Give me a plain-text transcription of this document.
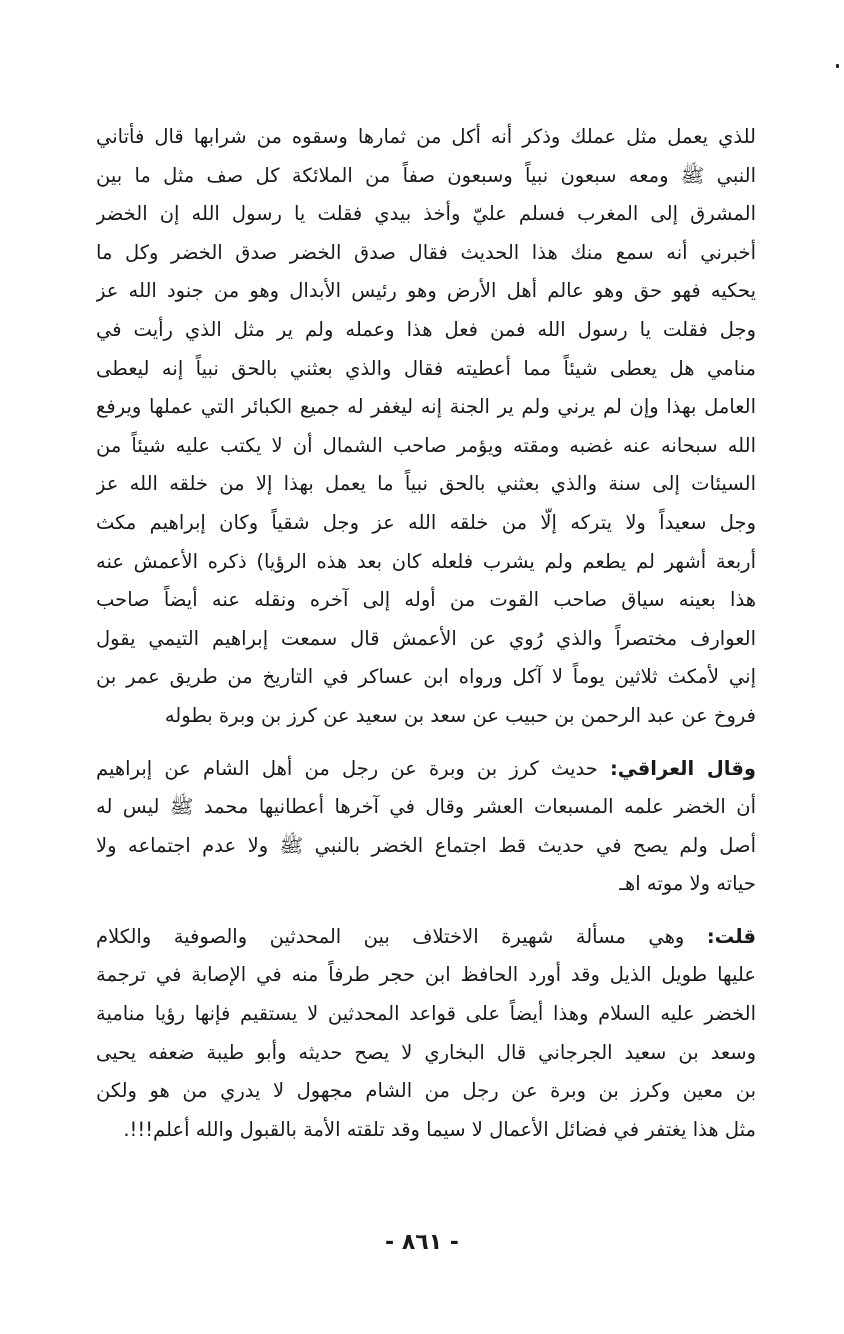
للذي يعمل مثل عملك وذكر أنه أكل من ثمارها وسقوه من شرابها قال فأتاني
النبي ﷺ ومعه سبعون نبياً وسبعون صفاً من الملائكة كل صف مثل ما بين
المشرق إلى المغرب فسلم عليّ وأخذ بيدي فقلت يا رسول الله إن الخضر
أخبرني أنه سمع منك هذا الحديث فقال صدق الخضر صدق الخضر وكل ما
يحكيه فهو حق وهو عالم أهل الأرض وهو رئيس الأبدال وهو من جنود الله عز
وجل فقلت يا رسول الله فمن فعل هذا وعمله ولم ير مثل الذي رأيت في
منامي هل يعطى شيئاً مما أعطيته فقال والذي بعثني بالحق نبياً إنه ليعطى
العامل بهذا وإن لم يرني ولم ير الجنة إنه ليغفر له جميع الكبائر التي عملها ويرفع
الله سبحانه عنه غضبه ومقته ويؤمر صاحب الشمال أن لا يكتب عليه شيئاً من
السيئات إلى سنة والذي بعثني بالحق نبياً ما يعمل بهذا إلا من خلقه الله عز
وجل سعيداً ولا يتركه إلّا من خلقه الله عز وجل شقياً وكان إبراهيم مكث
أربعة أشهر لم يطعم ولم يشرب فلعله كان بعد هذه الرؤيا) ذكره الأعمش عنه
هذا بعينه سياق صاحب القوت من أوله إلى آخره ونقله عنه أيضاً صاحب
العوارف مختصراً والذي رُوي عن الأعمش قال سمعت إبراهيم التيمي يقول
إني لأمكث ثلاثين يوماً لا آكل ورواه ابن عساكر في التاريخ من طريق عمر بن
فروخ عن عبد الرحمن بن حبيب عن سعد بن سعيد عن كرز بن وبرة بطوله
وقال العراقي: حديث كرز بن وبرة عن رجل من أهل الشام عن إبراهيم
أن الخضر علمه المسبعات العشر وقال في آخرها أعطانيها محمد ﷺ ليس له
أصل ولم يصح في حديث قط اجتماع الخضر بالنبي ﷺ ولا عدم اجتماعه ولا
حياته ولا موته اهـ
قلت: وهي مسألة شهيرة الاختلاف بين المحدثين والصوفية والكلام
عليها طويل الذيل وقد أورد الحافظ ابن حجر طرفاً منه في الإصابة في ترجمة
الخضر عليه السلام وهذا أيضاً على قواعد المحدثين لا يستقيم فإنها رؤيا منامية
وسعد بن سعيد الجرجاني قال البخاري لا يصح حديثه وأبو طيبة ضعفه يحيى
بن معين وكرز بن وبرة عن رجل من الشام مجهول لا يدري من هو ولكن
مثل هذا يغتفر في فضائل الأعمال لا سيما وقد تلقته الأمة بالقبول والله أعلم!!!.
- ٨٦١ -
